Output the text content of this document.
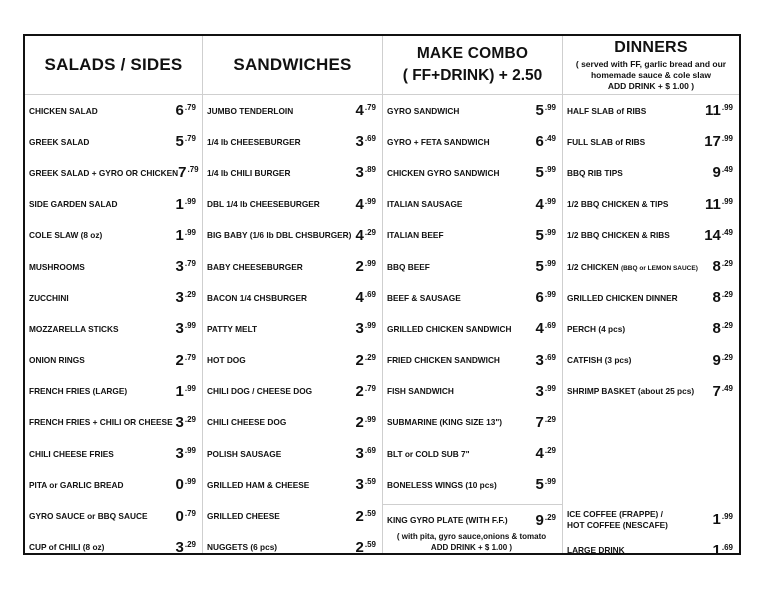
SALADS / SIDES
CHICKEN SALAD	6 .79
GREEK SALAD	5 .79
GREEK SALAD + GYRO OR CHICKEN 7 .79
SIDE GARDEN SALAD	1 .99
COLE SLAW (8 oz)	1 .99
MUSHROOMS	3 .79
ZUCCHINI	3 .29
MOZZARELLA STICKS	3 .99
ONION RINGS	2 .79
FRENCH FRIES (LARGE)	1 .99
FRENCH FRIES + CHILI OR CHEESE 3 .29
CHILI CHEESE FRIES	3 .99
PITA or GARLIC BREAD	0 .99
GYRO SAUCE or BBQ SAUCE 0 .79
CUP of CHILI (8 oz)	3 .29
SANDWICHES
JUMBO TENDERLOIN	4 .79
1/4 lb CHEESEBURGER	3 .69
1/4 lb CHILI BURGER	3 .89
DBL 1/4 lb CHEESEBURGER 4 .99
BIG BABY (1/6 lb DBL CHSBURGER) 4 .29
BABY CHEESEBURGER	2 .99
BACON 1/4 CHSBURGER	4 .69
PATTY MELT	3 .99
HOT DOG	2 .29
CHILI DOG / CHEESE DOG	2 .79
CHILI CHEESE DOG	2 .99
POLISH SAUSAGE	3 .69
GRILLED HAM & CHEESE	3 .59
GRILLED CHEESE	2 .59
NUGGETS (6 pcs)	2 .59
MAKE COMBO
( FF+DRINK) + 2.50
GYRO SANDWICH	5 .99
GYRO + FETA SANDWICH	6 .49
CHICKEN GYRO SANDWICH 5 .99
ITALIAN SAUSAGE	4 .99
ITALIAN BEEF	5 .99
BBQ BEEF	5 .99
BEEF & SAUSAGE	6 .99
GRILLED CHICKEN SANDWICH 4 .69
FRIED CHICKEN SANDWICH 3 .69
FISH SANDWICH	3 .99
SUBMARINE (KING SIZE 13") 7 .29
BLT or COLD SUB 7"	4 .29
BONELESS WINGS (10 pcs)	5 .99
KING GYRO PLATE (WITH F.F.) 9 .29
( with pita, gyro sauce,onions & tomato
ADD DRINK + $ 1.00 )
DINNERS
( served with FF, garlic bread and our
homemade sauce & cole slaw
ADD DRINK + $ 1.00 )
HALF SLAB of RIBS	11 .99
FULL SLAB of RIBS	17 .99
BBQ RIB TIPS	9 .49
1/2 BBQ CHICKEN & TIPS 11 .99
1/2 BBQ CHICKEN & RIBS 14 .49
1/2 CHICKEN (BBQ or LEMON SAUCE) 8 .29
GRILLED CHICKEN DINNER 8 .29
PERCH (4 pcs)	8 .29
CATFISH (3 pcs)	9 .29
SHRIMP BASKET (about 25 pcs) 7 .49
ICE COFFEE (FRAPPE) /
HOT COFFEE (NESCAFE)	1 .99
LARGE DRINK	1 .69
